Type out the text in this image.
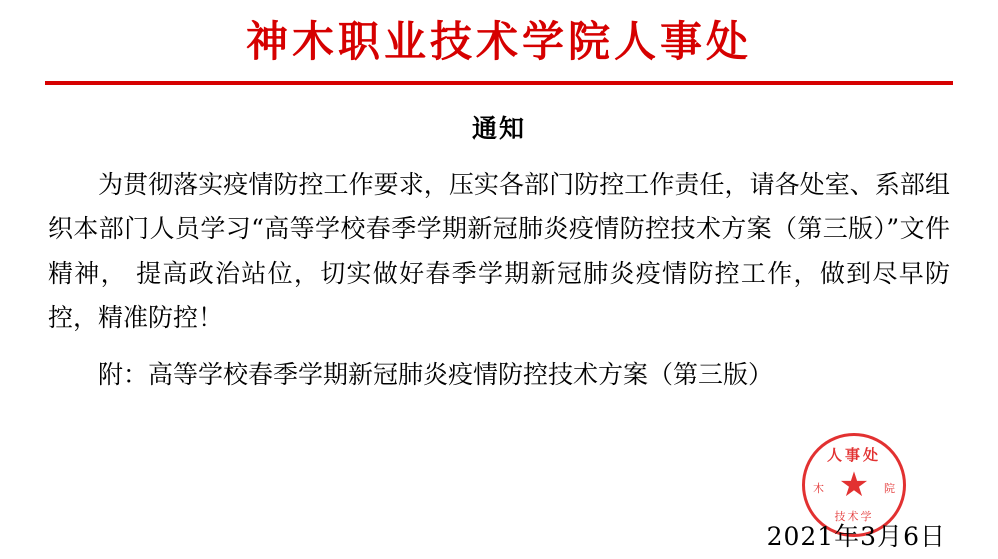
神木职业技术学院人事处
通知

为贯彻落实疫情防控工作要求，压实各部门防控工作责任，请各处室、系部组织本部门人员学习“高等学校春季学期新冠肺炎疫情防控技术方案（第三版）”文件精神， 提高政治站位，切实做好春季学期新冠肺炎疫情防控工作，做到尽早防控，精准防控！

附：高等学校春季学期新冠肺炎疫情防控技术方案（第三版）
人事处
木	院
★
技术学
2021年3月6日
